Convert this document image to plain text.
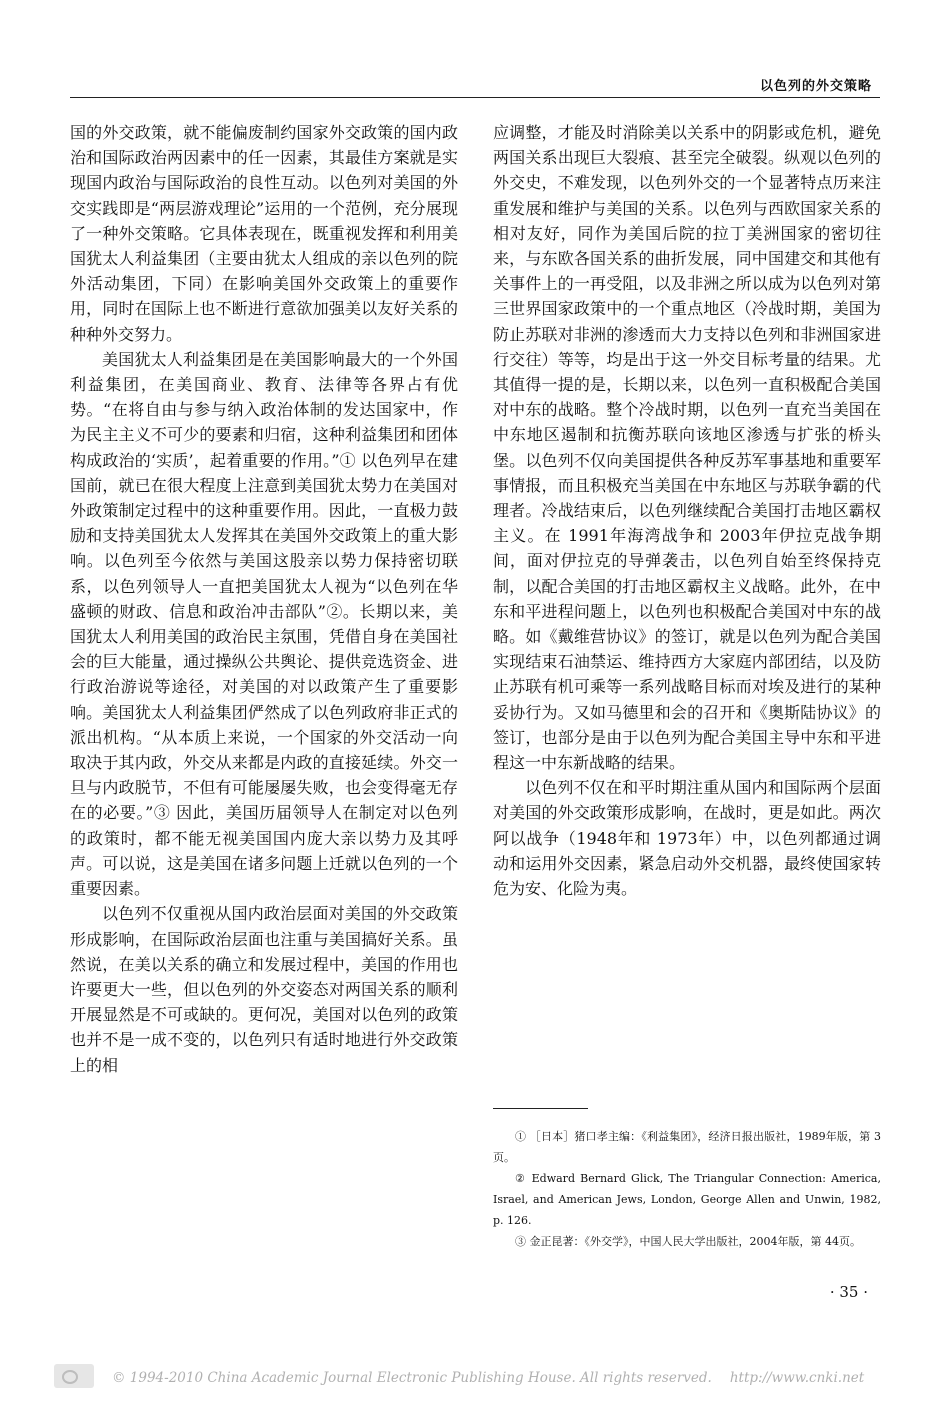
以色列的外交策略

国的外交政策，就不能偏废制约国家外交政策的国内政治和国际政治两因素中的任一因素，其最佳方案就是实现国内政治与国际政治的良性互动。以色列对美国的外交实践即是“两层游戏理论”运用的一个范例，充分展现了一种外交策略。它具体表现在，既重视发挥和利用美国犹太人利益集团（主要由犹太人组成的亲以色列的院外活动集团，下同）在影响美国外交政策上的重要作用，同时在国际上也不断进行意欲加强美以友好关系的种种外交努力。

美国犹太人利益集团是在美国影响最大的一个外国利益集团，在美国商业、教育、法律等各界占有优势。“在将自由与参与纳入政治体制的发达国家中，作为民主主义不可少的要素和归宿，这种利益集团和团体构成政治的‘实质’，起着重要的作用。”① 以色列早在建国前，就已在很大程度上注意到美国犹太势力在美国对外政策制定过程中的这种重要作用。因此，一直极力鼓励和支持美国犹太人发挥其在美国外交政策上的重大影响。以色列至今依然与美国这股亲以势力保持密切联系，以色列领导人一直把美国犹太人视为“以色列在华盛顿的财政、信息和政治冲击部队”②。长期以来，美国犹太人利用美国的政治民主氛围，凭借自身在美国社会的巨大能量，通过操纵公共舆论、提供竞选资金、进行政治游说等途径，对美国的对以政策产生了重要影响。美国犹太人利益集团俨然成了以色列政府非正式的派出机构。“从本质上来说，一个国家的外交活动一向取决于其内政，外交从来都是内政的直接延续。外交一旦与内政脱节，不但有可能屡屡失败，也会变得毫无存在的必要。”③ 因此，美国历届领导人在制定对以色列的政策时，都不能无视美国国内庞大亲以势力及其呼声。可以说，这是美国在诸多问题上迁就以色列的一个重要因素。

以色列不仅重视从国内政治层面对美国的外交政策形成影响，在国际政治层面也注重与美国搞好关系。虽然说，在美以关系的确立和发展过程中，美国的作用也许要更大一些，但以色列的外交姿态对两国关系的顺利开展显然是不可或缺的。更何况，美国对以色列的政策也并不是一成不变的，以色列只有适时地进行外交政策上的相

应调整，才能及时消除美以关系中的阴影或危机，避免两国关系出现巨大裂痕、甚至完全破裂。纵观以色列的外交史，不难发现，以色列外交的一个显著特点历来注重发展和维护与美国的关系。以色列与西欧国家关系的相对友好，同作为美国后院的拉丁美洲国家的密切往来，与东欧各国关系的曲折发展，同中国建交和其他有关事件上的一再受阻，以及非洲之所以成为以色列对第三世界国家政策中的一个重点地区（冷战时期，美国为防止苏联对非洲的渗透而大力支持以色列和非洲国家进行交往）等等，均是出于这一外交目标考量的结果。尤其值得一提的是，长期以来，以色列一直积极配合美国对中东的战略。整个冷战时期，以色列一直充当美国在中东地区遏制和抗衡苏联向该地区渗透与扩张的桥头堡。以色列不仅向美国提供各种反苏军事基地和重要军事情报，而且积极充当美国在中东地区与苏联争霸的代理者。冷战结束后，以色列继续配合美国打击地区霸权主义。在 1991年海湾战争和 2003年伊拉克战争期间，面对伊拉克的导弹袭击，以色列自始至终保持克制，以配合美国的打击地区霸权主义战略。此外，在中东和平进程问题上，以色列也积极配合美国对中东的战略。如《戴维营协议》的签订，就是以色列为配合美国实现结束石油禁运、维持西方大家庭内部团结，以及防止苏联有机可乘等一系列战略目标而对埃及进行的某种妥协行为。又如马德里和会的召开和《奥斯陆协议》的签订，也部分是由于以色列为配合美国主导中东和平进程这一中东新战略的结果。

以色列不仅在和平时期注重从国内和国际两个层面对美国的外交政策形成影响，在战时，更是如此。两次阿以战争（1948年和 1973年）中，以色列都通过调动和运用外交因素，紧急启动外交机器，最终使国家转危为安、化险为夷。

① ［日本］猪口孝主编：《利益集团》，经济日报出版社，1989年版，第 3页。

② Edward Bernard Glick, The Triangular Connection: America, Israel, and American Jews, London, George Allen and Unwin, 1982, p. 126.

③ 金正昆著：《外交学》，中国人民大学出版社，2004年版，第 44页。

· 35 ·
© 1994-2010 China Academic Journal Electronic Publishing House. All rights reserved. http://www.cnki.net
